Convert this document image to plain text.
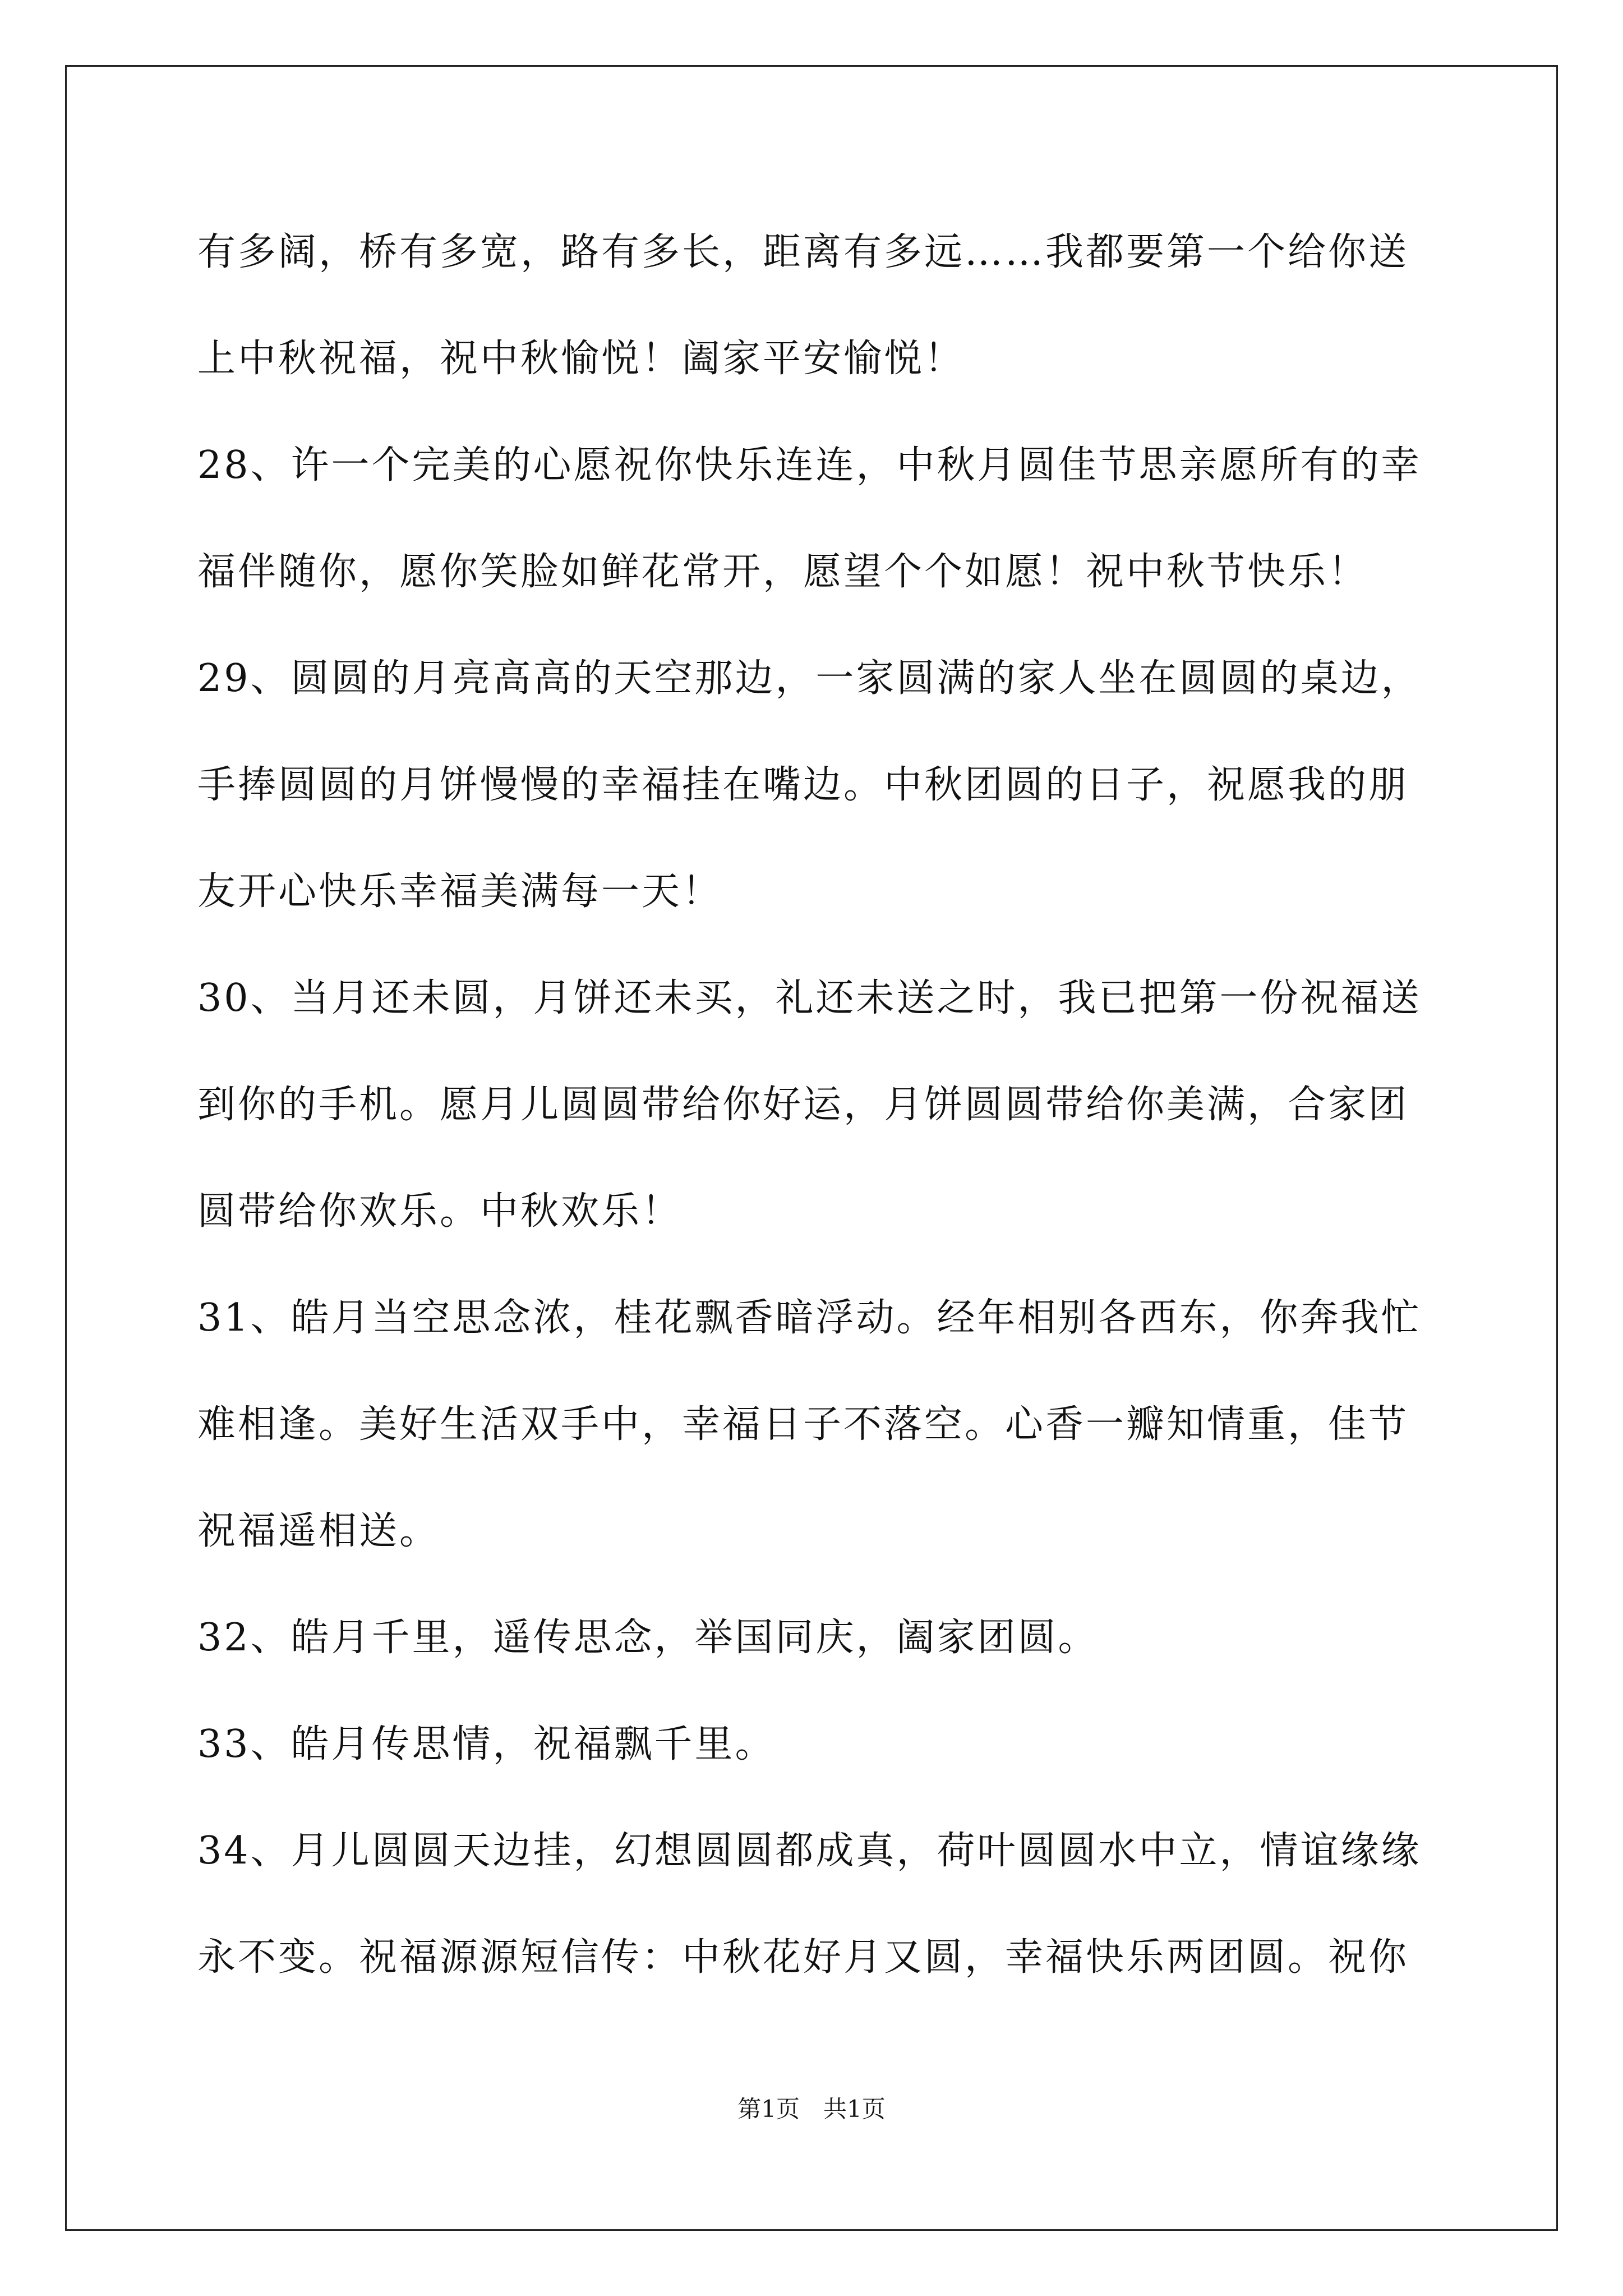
有多阔，桥有多宽，路有多长，距离有多远……我都要第一个给你送
上中秋祝福，祝中秋愉悦！阖家平安愉悦！
28、许一个完美的心愿祝你快乐连连，中秋月圆佳节思亲愿所有的幸
福伴随你，愿你笑脸如鲜花常开，愿望个个如愿！祝中秋节快乐！
29、圆圆的月亮高高的天空那边，一家圆满的家人坐在圆圆的桌边，
手捧圆圆的月饼慢慢的幸福挂在嘴边。中秋团圆的日子，祝愿我的朋
友开心快乐幸福美满每一天！
30、当月还未圆，月饼还未买，礼还未送之时，我已把第一份祝福送
到你的手机。愿月儿圆圆带给你好运，月饼圆圆带给你美满，合家团
圆带给你欢乐。中秋欢乐！
31、皓月当空思念浓，桂花飘香暗浮动。经年相别各西东，你奔我忙
难相逢。美好生活双手中，幸福日子不落空。心香一瓣知情重，佳节
祝福遥相送。
32、皓月千里，遥传思念，举国同庆，阖家团圆。
33、皓月传思情，祝福飘千里。
34、月儿圆圆天边挂，幻想圆圆都成真，荷叶圆圆水中立，情谊缘缘
永不变。祝福源源短信传：中秋花好月又圆，幸福快乐两团圆。祝你
第1页　共1页
